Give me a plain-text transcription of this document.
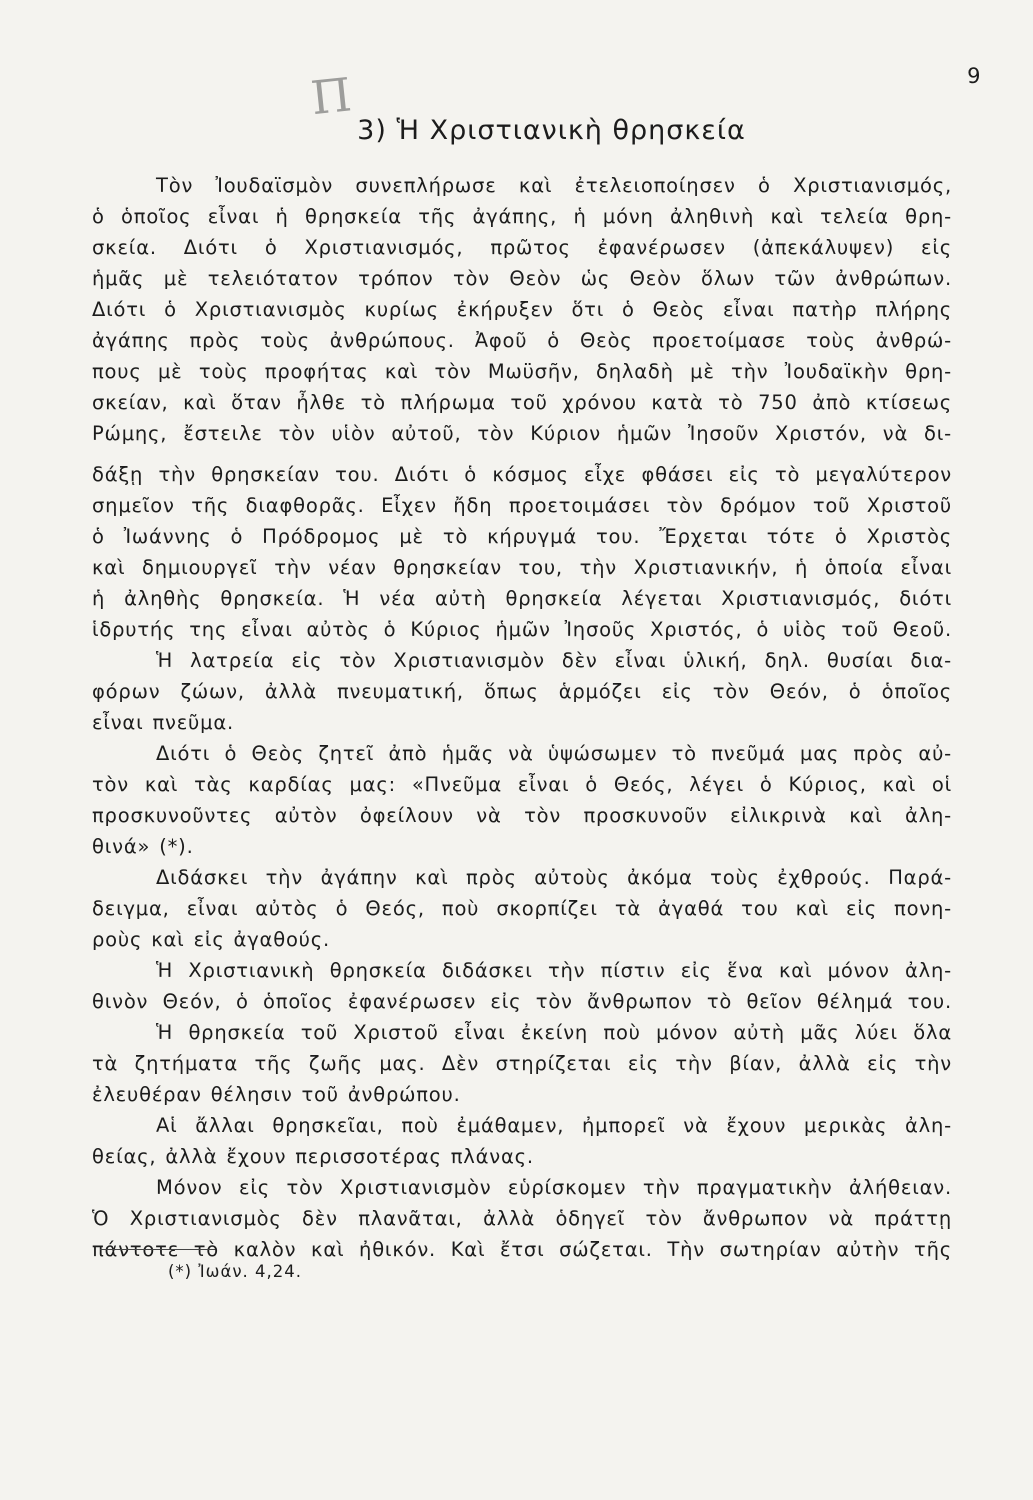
9
Π
3) Ἡ Χριστιανικὴ θρησκεία
Τὸν Ἰουδαϊσμὸν συνεπλήρωσε καὶ ἐτελειοποίησεν ὁ Χριστιανισμός,
ὁ ὁποῖος εἶναι ἡ θρησκεία τῆς ἀγάπης, ἡ μόνη ἀληθινὴ καὶ τελεία θρη-
σκεία. Διότι ὁ Χριστιανισμός, πρῶτος ἐφανέρωσεν (ἀπεκάλυψεν) εἰς
ἡμᾶς μὲ τελειότατον τρόπον τὸν Θεὸν ὡς Θεὸν ὅλων τῶν ἀνθρώπων.
Διότι ὁ Χριστιανισμὸς κυρίως ἐκήρυξεν ὅτι ὁ Θεὸς εἶναι πατὴρ πλήρης
ἀγάπης πρὸς τοὺς ἀνθρώπους. Ἀφοῦ ὁ Θεὸς προετοίμασε τοὺς ἀνθρώ-
πους μὲ τοὺς προφήτας καὶ τὸν Μωϋσῆν, δηλαδὴ μὲ τὴν Ἰουδαϊκὴν θρη-
σκείαν, καὶ ὅταν ἦλθε τὸ πλήρωμα τοῦ χρόνου κατὰ τὸ 750 ἀπὸ κτίσεως
Ρώμης, ἔστειλε τὸν υἱὸν αὐτοῦ, τὸν Κύριον ἡμῶν Ἰησοῦν Χριστόν, νὰ δι-
δάξῃ τὴν θρησκείαν του. Διότι ὁ κόσμος εἶχε φθάσει εἰς τὸ μεγαλύτερον
σημεῖον τῆς διαφθορᾶς. Εἶχεν ἤδη προετοιμάσει τὸν δρόμον τοῦ Χριστοῦ
ὁ Ἰωάννης ὁ Πρόδρομος μὲ τὸ κήρυγμά του. Ἔρχεται τότε ὁ Χριστὸς
καὶ δημιουργεῖ τὴν νέαν θρησκείαν του, τὴν Χριστιανικήν, ἡ ὁποία εἶναι
ἡ ἀληθὴς θρησκεία. Ἡ νέα αὐτὴ θρησκεία λέγεται Χριστιανισμός, διότι
ἱδρυτής της εἶναι αὐτὸς ὁ Κύριος ἡμῶν Ἰησοῦς Χριστός, ὁ υἱὸς τοῦ Θεοῦ.
Ἡ λατρεία εἰς τὸν Χριστιανισμὸν δὲν εἶναι ὑλική, δηλ. θυσίαι δια-
φόρων ζώων, ἀλλὰ πνευματική, ὅπως ἁρμόζει εἰς τὸν Θεόν, ὁ ὁποῖος
εἶναι πνεῦμα.
Διότι ὁ Θεὸς ζητεῖ ἀπὸ ἡμᾶς νὰ ὑψώσωμεν τὸ πνεῦμά μας πρὸς αὐ-
τὸν καὶ τὰς καρδίας μας: «Πνεῦμα εἶναι ὁ Θεός, λέγει ὁ Κύριος, καὶ οἱ
προσκυνοῦντες αὐτὸν ὀφείλουν νὰ τὸν προσκυνοῦν εἰλικρινὰ καὶ ἀλη-
θινά» (*).
Διδάσκει τὴν ἀγάπην καὶ πρὸς αὐτοὺς ἀκόμα τοὺς ἐχθρούς. Παρά-
δειγμα, εἶναι αὐτὸς ὁ Θεός, ποὺ σκορπίζει τὰ ἀγαθά του καὶ εἰς πονη-
ροὺς καὶ εἰς ἀγαθούς.
Ἡ Χριστιανικὴ θρησκεία διδάσκει τὴν πίστιν εἰς ἕνα καὶ μόνον ἀλη-
θινὸν Θεόν, ὁ ὁποῖος ἐφανέρωσεν εἰς τὸν ἄνθρωπον τὸ θεῖον θέλημά του.
Ἡ θρησκεία τοῦ Χριστοῦ εἶναι ἐκείνη ποὺ μόνον αὐτὴ μᾶς λύει ὅλα
τὰ ζητήματα τῆς ζωῆς μας. Δὲν στηρίζεται εἰς τὴν βίαν, ἀλλὰ εἰς τὴν
ἐλευθέραν θέλησιν τοῦ ἀνθρώπου.
Αἱ ἄλλαι θρησκεῖαι, ποὺ ἐμάθαμεν, ἠμπορεῖ νὰ ἔχουν μερικὰς ἀλη-
θείας, ἀλλὰ ἔχουν περισσοτέρας πλάνας.
Μόνον εἰς τὸν Χριστιανισμὸν εὑρίσκομεν τὴν πραγματικὴν ἀλήθειαν.
Ὁ Χριστιανισμὸς δὲν πλανᾶται, ἀλλὰ ὁδηγεῖ τὸν ἄνθρωπον νὰ πράττῃ
πάντοτε τὸ καλὸν καὶ ἠθικόν. Καὶ ἔτσι σώζεται. Τὴν σωτηρίαν αὐτὴν τῆς
(*) Ἰωάν. 4,24.
